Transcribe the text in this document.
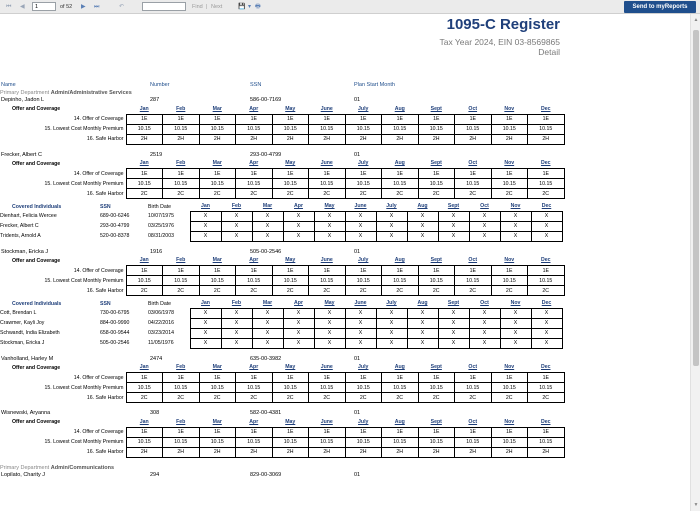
⏮ ◀
1	of 52 ▶ ⏭	↶	Find | Next	💾 ▾ 🖶	Send to myReports
1095-C Register
Tax Year 2024, EIN 03-8569865
Detail
Name	Number	SSN	Plan Start Month
Primary Department Admin/Administrative Services
Depinho, Jadon L	287	586-00-7169	01
Offer and Coverage	Jan	Feb	Mar	Apr	May	June	July	Aug	Sept	Oct	Nov	Dec
14. Offer of Coverage	1E	1E	1E	1E	1E	1E	1E	1E	1E	1E	1E	1E
15. Lowest Cost Monthly Premium	10.15	10.15	10.15	10.15	10.15	10.15	10.15	10.15	10.15	10.15	10.15	10.15
16. Safe Harbor	2H	2H	2H	2H	2H	2H	2H	2H	2H	2H	2H	2H
Frecker, Albert C	2519	293-00-4799	01
Offer and Coverage	Jan	Feb	Mar	Apr	May	June	July	Aug	Sept	Oct	Nov	Dec
14. Offer of Coverage	1E	1E	1E	1E	1E	1E	1E	1E	1E	1E	1E	1E
15. Lowest Cost Monthly Premium	10.15	10.15	10.15	10.15	10.15	10.15	10.15	10.15	10.15	10.15	10.15	10.15
16. Safe Harbor	2C	2C	2C	2C	2C	2C	2C	2C	2C	2C	2C	2C
Covered Individuals	SSN	Birth Date	Jan	Feb	Mar	Apr	May	June	July	Aug	Sept	Oct	Nov	Dec
Dienhart, Felicia Wercee	689-00-6246	10/07/1975	X	X	X	X	X	X	X	X	X	X	X	X
Frecker, Albert C	293-00-4799	03/25/1976	X	X	X	X	X	X	X	X	X	X	X	X
Tridents, Arnold A	520-00-8378	08/31/2003	X	X	X	X	X	X	X	X	X	X	X	X
Stockman, Ericka J	1916	505-00-2546	01
Offer and Coverage	Jan	Feb	Mar	Apr	May	June	July	Aug	Sept	Oct	Nov	Dec
14. Offer of Coverage	1E	1E	1E	1E	1E	1E	1E	1E	1E	1E	1E	1E
15. Lowest Cost Monthly Premium	10.15	10.15	10.15	10.15	10.15	10.15	10.15	10.15	10.15	10.15	10.15	10.15
16. Safe Harbor	2C	2C	2C	2C	2C	2C	2C	2C	2C	2C	2C	2C
Covered Individuals	SSN	Birth Date	Jan	Feb	Mar	Apr	May	June	July	Aug	Sept	Oct	Nov	Dec
Cott, Brendan L	730-00-6795	03/06/1978	X	X	X	X	X	X	X	X	X	X	X	X
Crawmer, Kayli Joy	884-00-9990	04/22/2016	X	X	X	X	X	X	X	X	X	X	X	X
Schwandt, India Elizabeth	658-00-9544	03/23/2014	X	X	X	X	X	X	X	X	X	X	X	X
Stockman, Ericka J	505-00-2546	11/05/1976	X	X	X	X	X	X	X	X	X	X	X	X
Vanholland, Harley M	2474	635-00-3982	01
Offer and Coverage	Jan	Feb	Mar	Apr	May	June	July	Aug	Sept	Oct	Nov	Dec
14. Offer of Coverage	1E	1E	1E	1E	1E	1E	1E	1E	1E	1E	1E	1E
15. Lowest Cost Monthly Premium	10.15	10.15	10.15	10.15	10.15	10.15	10.15	10.15	10.15	10.15	10.15	10.15
16. Safe Harbor	2C	2C	2C	2C	2C	2C	2C	2C	2C	2C	2C	2C
Wisnewski, Aryanna	308	582-00-4381	01
Offer and Coverage	Jan	Feb	Mar	Apr	May	June	July	Aug	Sept	Oct	Nov	Dec
14. Offer of Coverage	1E	1E	1E	1E	1E	1E	1E	1E	1E	1E	1E	1E
15. Lowest Cost Monthly Premium	10.15	10.15	10.15	10.15	10.15	10.15	10.15	10.15	10.15	10.15	10.15	10.15
16. Safe Harbor	2H	2H	2H	2H	2H	2H	2H	2H	2H	2H	2H	2H
Primary Department Admin/Communications
Lopilato, Charity J	294	829-00-3069	01
▲
▼
